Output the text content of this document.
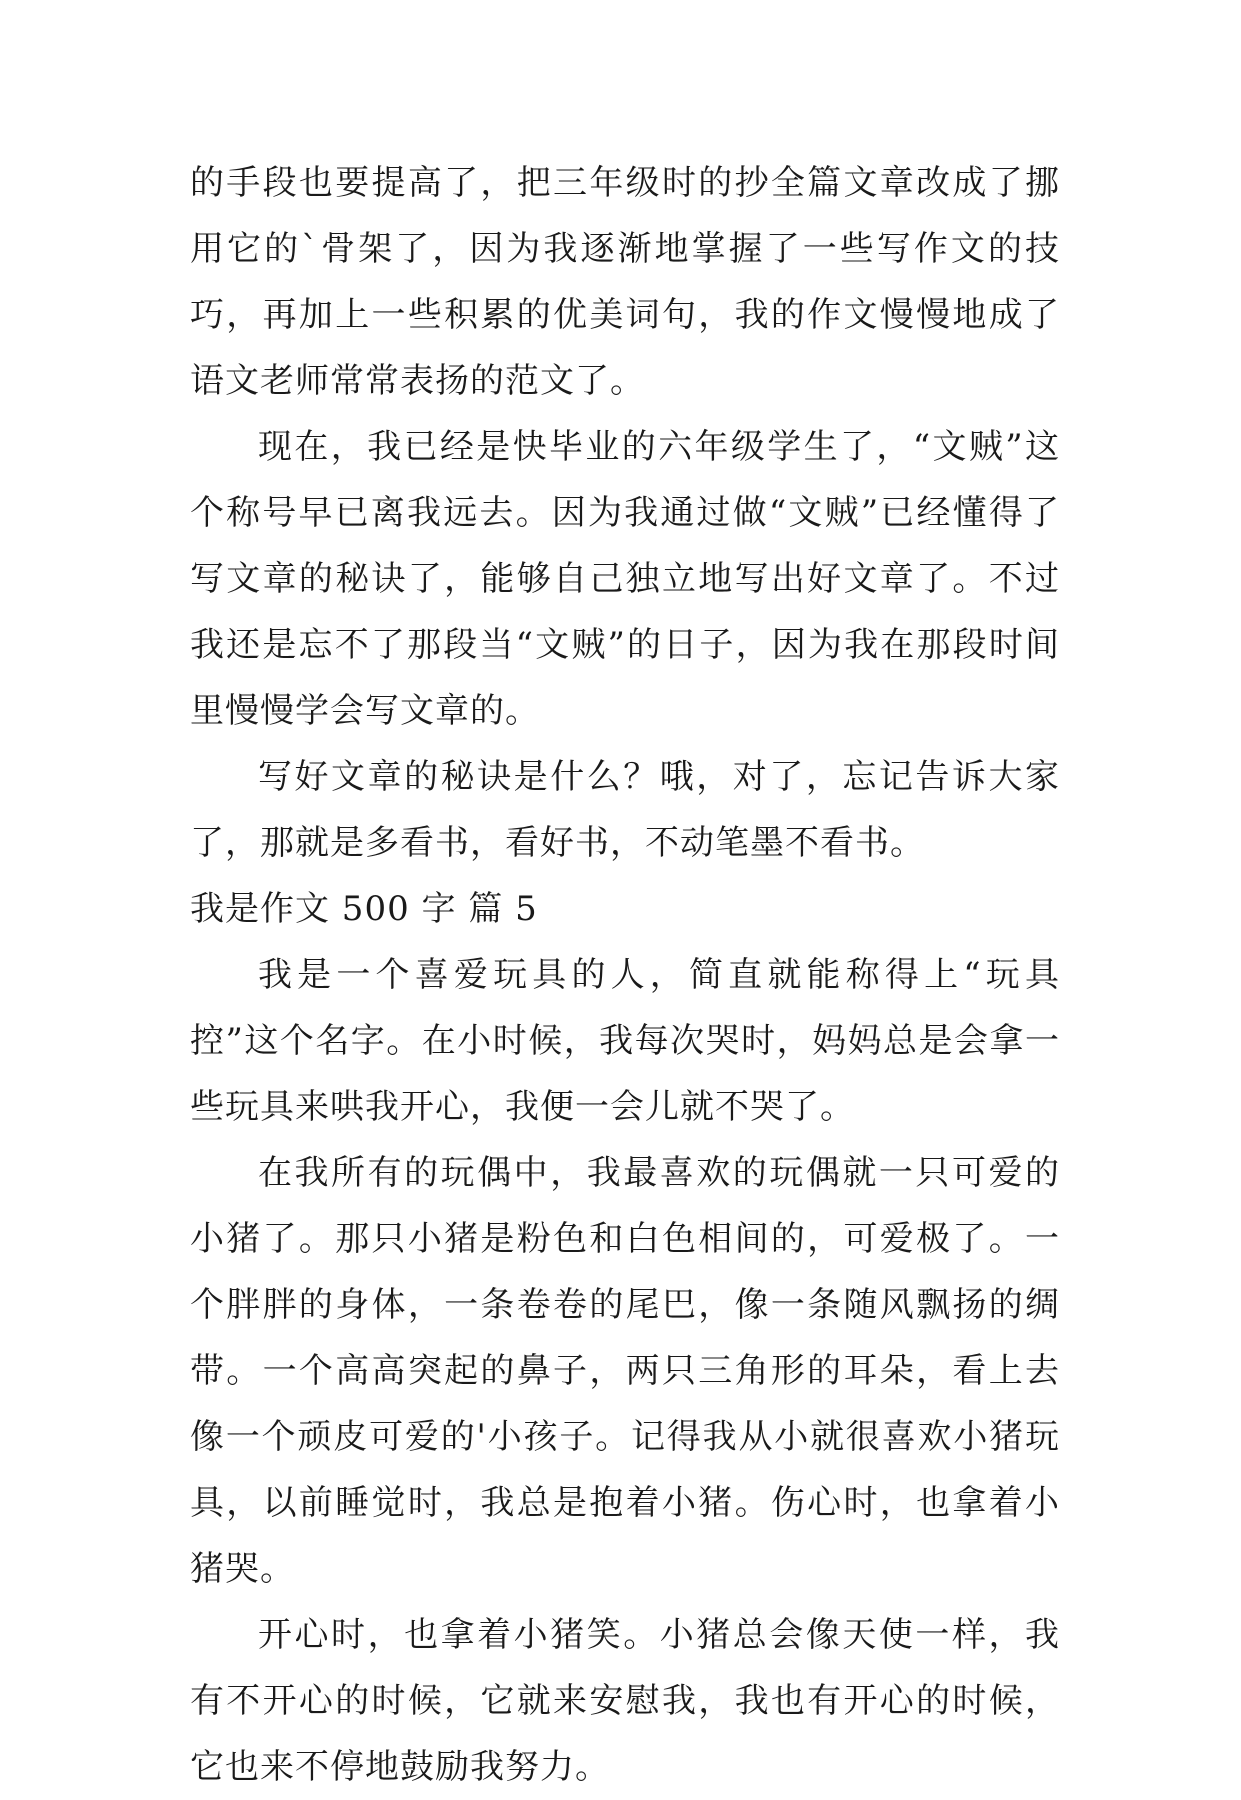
的手段也要提高了，把三年级时的抄全篇文章改成了挪用它的`骨架了，因为我逐渐地掌握了一些写作文的技巧，再加上一些积累的优美词句，我的作文慢慢地成了语文老师常常表扬的范文了。

现在，我已经是快毕业的六年级学生了，“文贼”这个称号早已离我远去。因为我通过做“文贼”已经懂得了写文章的秘诀了，能够自己独立地写出好文章了。不过我还是忘不了那段当“文贼”的日子，因为我在那段时间里慢慢学会写文章的。

写好文章的秘诀是什么？哦，对了，忘记告诉大家了，那就是多看书，看好书，不动笔墨不看书。

我是作文 500 字 篇 5

我是一个喜爱玩具的人，简直就能称得上“玩具控”这个名字。在小时候，我每次哭时，妈妈总是会拿一些玩具来哄我开心，我便一会儿就不哭了。

在我所有的玩偶中，我最喜欢的玩偶就一只可爱的小猪了。那只小猪是粉色和白色相间的，可爱极了。一个胖胖的身体，一条卷卷的尾巴，像一条随风飘扬的绸带。一个高高突起的鼻子，两只三角形的耳朵，看上去像一个顽皮可爱的'小孩子。记得我从小就很喜欢小猪玩具，以前睡觉时，我总是抱着小猪。伤心时，也拿着小猪哭。

开心时，也拿着小猪笑。小猪总会像天使一样，我有不开心的时候，它就来安慰我，我也有开心的时候，它也来不停地鼓励我努力。
